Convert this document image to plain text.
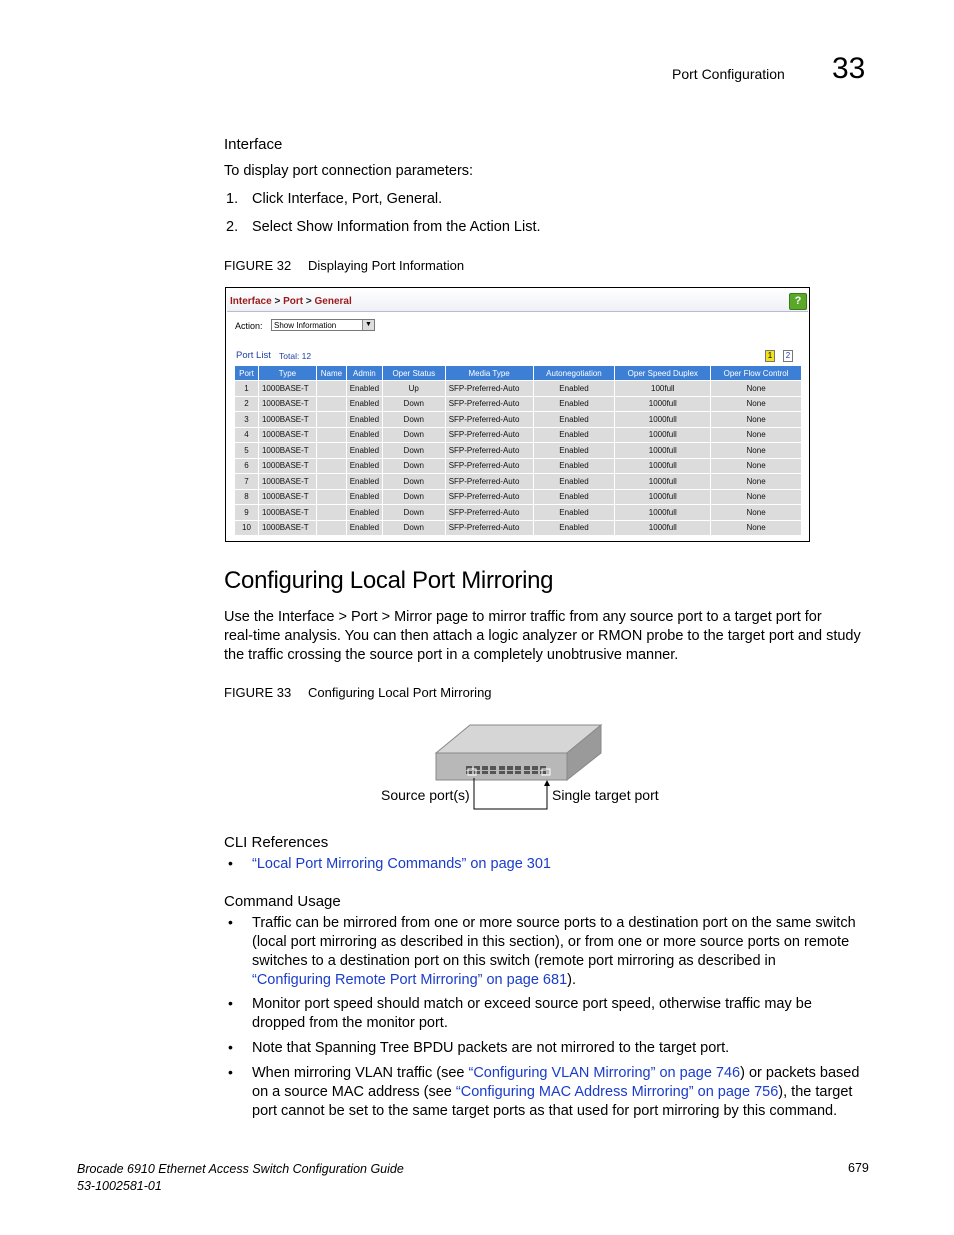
Port Configuration 33
Interface
To display port connection parameters:
1. Click Interface, Port, General.
2. Select Show Information from the Action List.
FIGURE 32 Displaying Port Information
Interface > Port > General	?
Action:	Show Information	▼
Port List Total: 12	1	2
Port	Type	Name	Admin	Oper Status	Media Type	Autonegotiation	Oper Speed Duplex	Oper Flow Control
1	1000BASE-T		Enabled	Up	SFP-Preferred-Auto	Enabled	100full	None
2	1000BASE-T		Enabled	Down	SFP-Preferred-Auto	Enabled	1000full	None
3	1000BASE-T		Enabled	Down	SFP-Preferred-Auto	Enabled	1000full	None
4	1000BASE-T		Enabled	Down	SFP-Preferred-Auto	Enabled	1000full	None
5	1000BASE-T		Enabled	Down	SFP-Preferred-Auto	Enabled	1000full	None
6	1000BASE-T		Enabled	Down	SFP-Preferred-Auto	Enabled	1000full	None
7	1000BASE-T		Enabled	Down	SFP-Preferred-Auto	Enabled	1000full	None
8	1000BASE-T		Enabled	Down	SFP-Preferred-Auto	Enabled	1000full	None
9	1000BASE-T		Enabled	Down	SFP-Preferred-Auto	Enabled	1000full	None
10	1000BASE-T		Enabled	Down	SFP-Preferred-Auto	Enabled	1000full	None
Configuring Local Port Mirroring
Use the Interface > Port > Mirror page to mirror traffic from any source port to a target port for
real-time analysis. You can then attach a logic analyzer or RMON probe to the target port and study
the traffic crossing the source port in a completely unobtrusive manner.
FIGURE 33 Configuring Local Port Mirroring
Source port(s)	Single target port
CLI References
• “Local Port Mirroring Commands” on page 301
Command Usage
• Traffic can be mirrored from one or more source ports to a destination port on the same switch
(local port mirroring as described in this section), or from one or more source ports on remote
switches to a destination port on this switch (remote port mirroring as described in
“Configuring Remote Port Mirroring” on page 681).
• Monitor port speed should match or exceed source port speed, otherwise traffic may be
dropped from the monitor port.
• Note that Spanning Tree BPDU packets are not mirrored to the target port.
• When mirroring VLAN traffic (see “Configuring VLAN Mirroring” on page 746) or packets based
on a source MAC address (see “Configuring MAC Address Mirroring” on page 756), the target
port cannot be set to the same target ports as that used for port mirroring by this command.
Brocade 6910 Ethernet Access Switch Configuration Guide
53-1002581-01
679
